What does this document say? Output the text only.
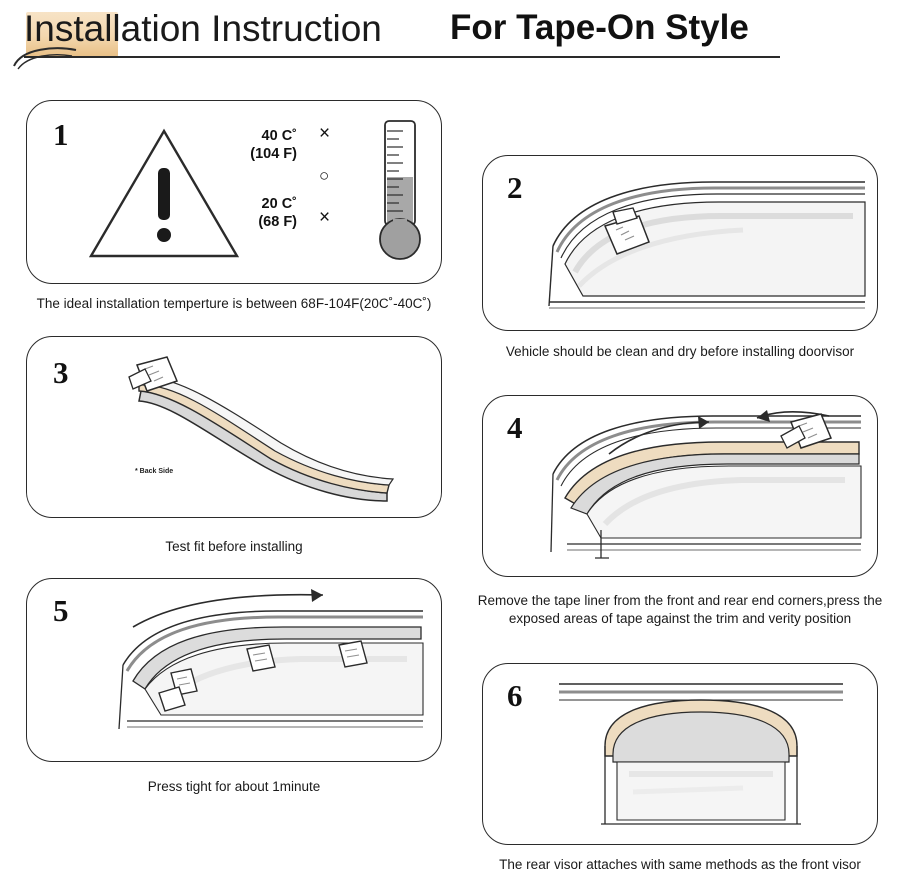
Installation Instruction For Tape-On Style
1	40 C˚
(104 F)
20 C˚
(68 F)
×
○
×
The ideal installation temperture is between 68F-104F(20C˚-40C˚)
2
Vehicle should be clean and dry before installing doorvisor
3
* Back Side
Test fit before installing
4
Remove the tape liner from the front and rear end corners,press the exposed areas of tape against the trim and verity position
5
Press tight for about 1minute
6
The rear visor attaches with same methods as the front visor
